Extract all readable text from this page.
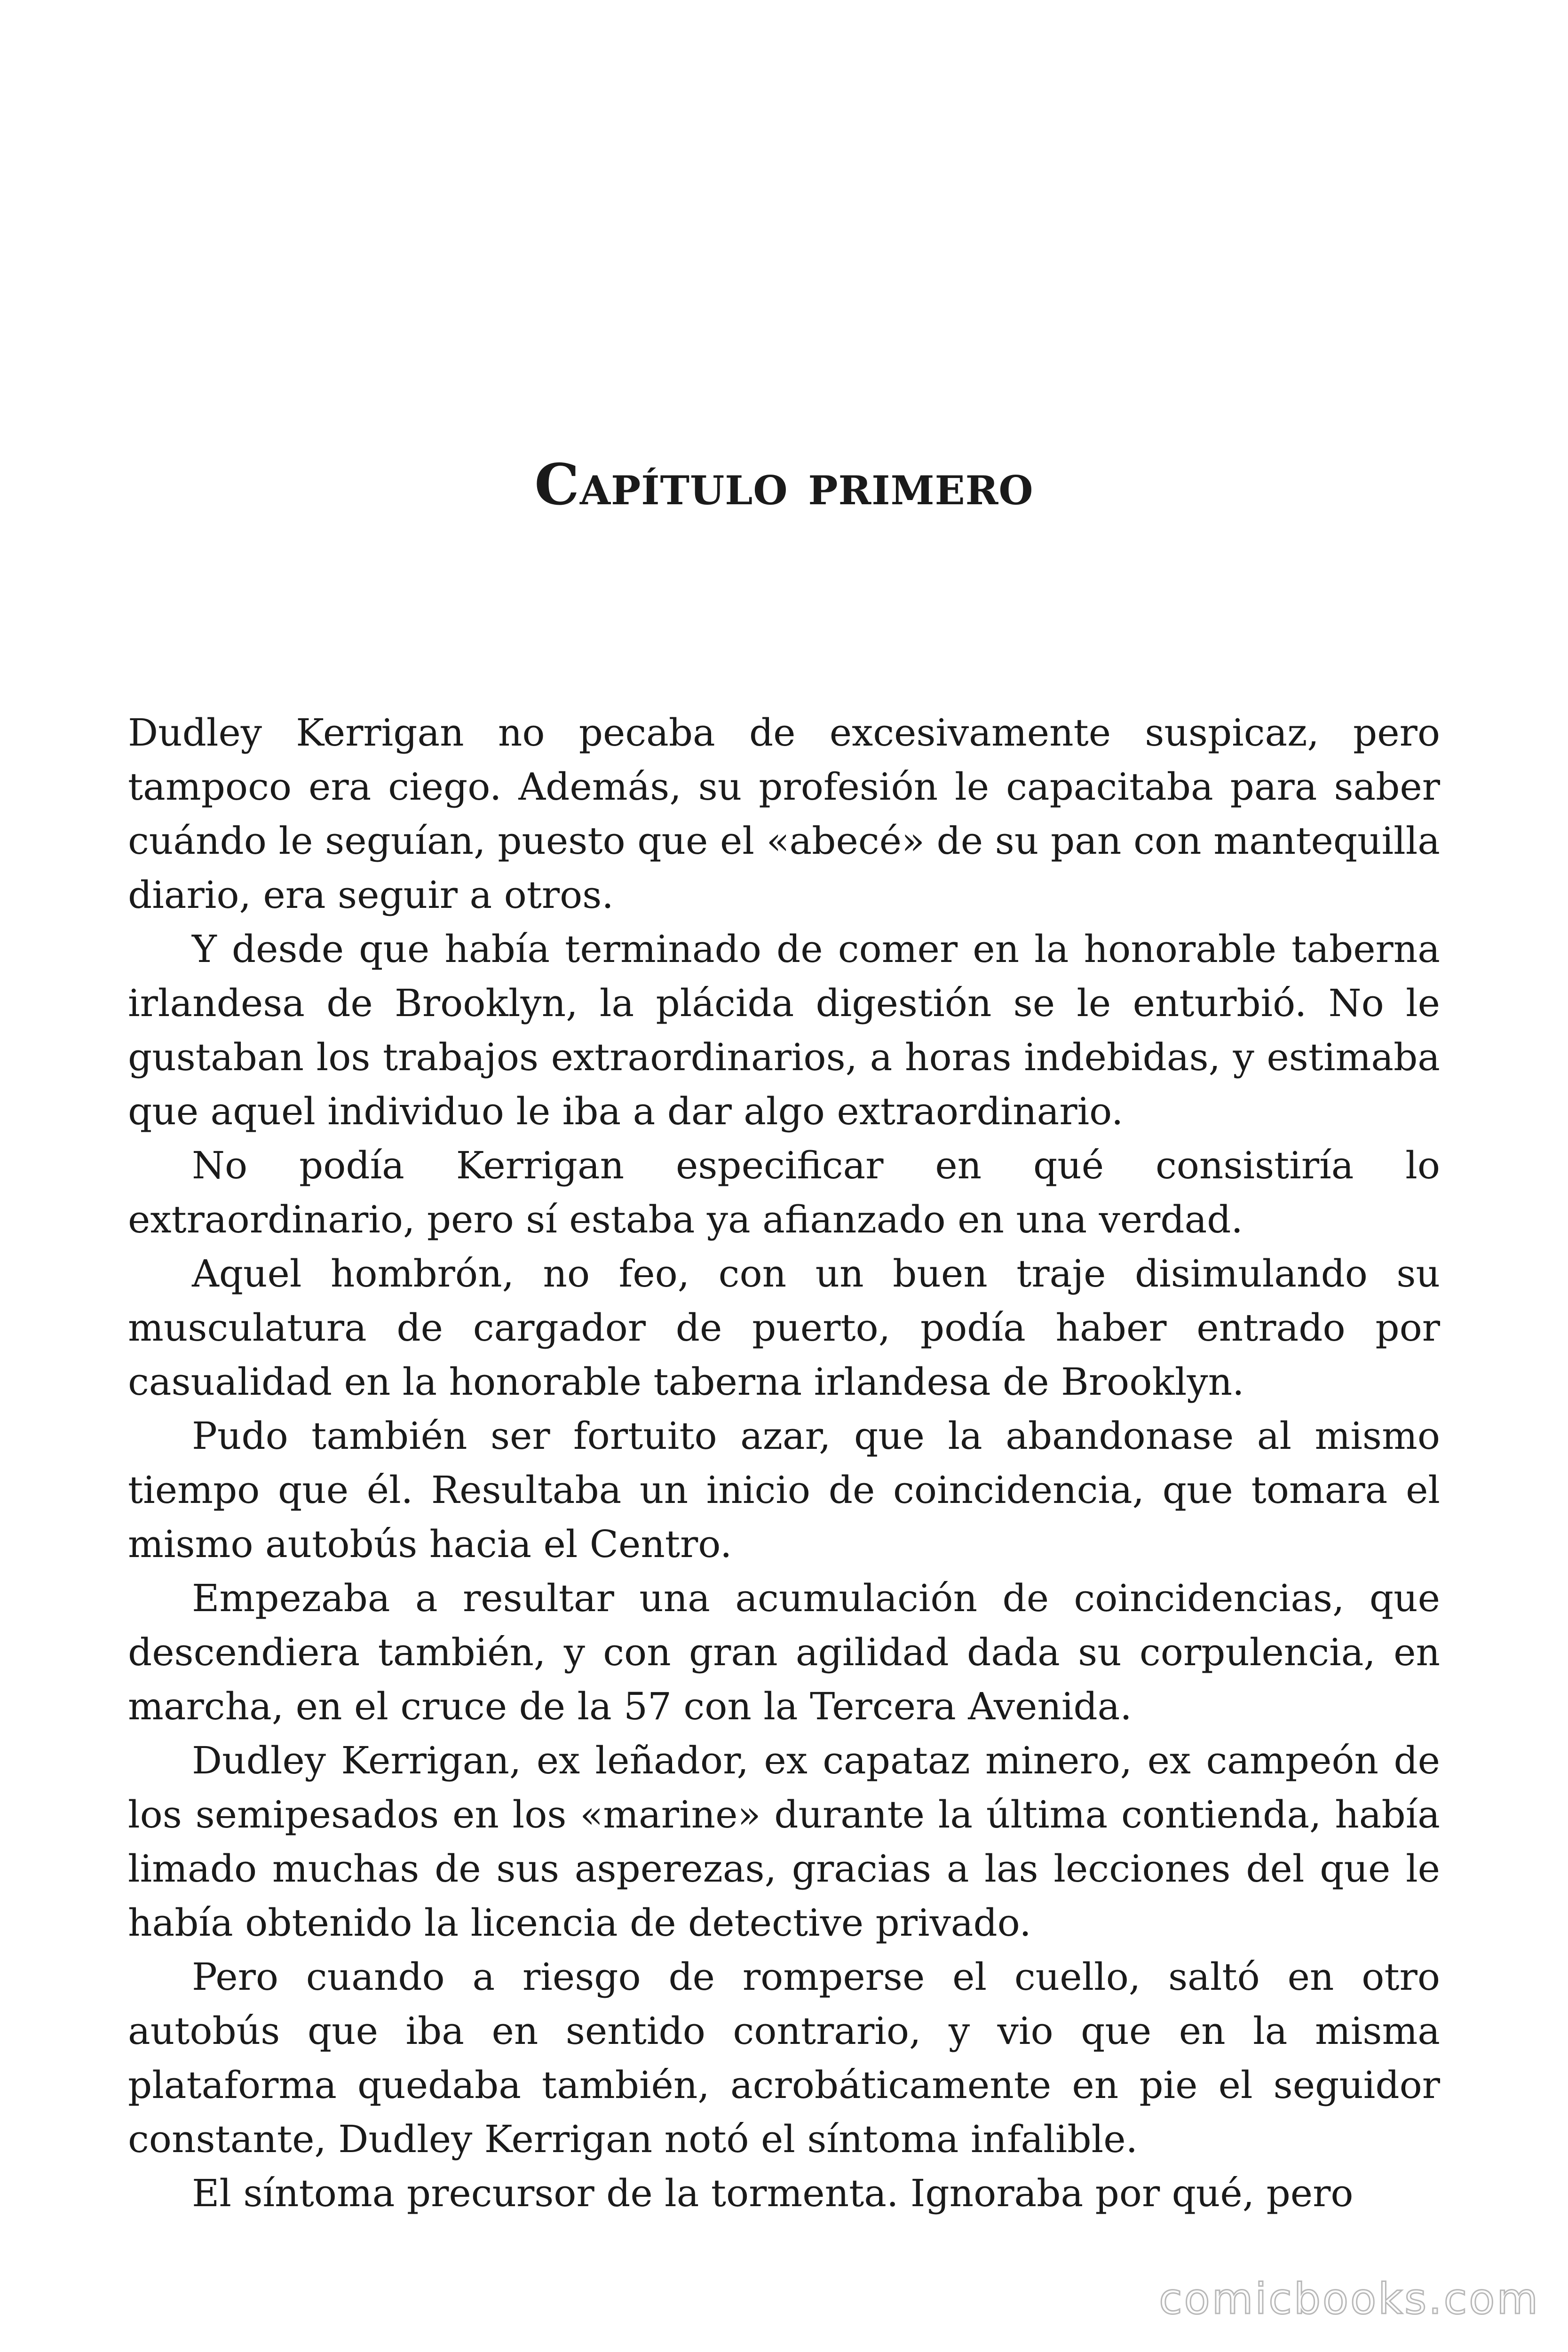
Capítulo primero

Dudley Kerrigan no pecaba de excesivamente suspicaz, pero tampoco era ciego. Además, su profesión le capacitaba para saber cuándo le seguían, puesto que el «abecé» de su pan con mantequilla diario, era seguir a otros.

Y desde que había terminado de comer en la honorable taberna irlandesa de Brooklyn, la plácida digestión se le enturbió. No le gustaban los trabajos extraordinarios, a horas indebidas, y estimaba que aquel individuo le iba a dar algo extraordinario.

No podía Kerrigan especificar en qué consistiría lo extraordinario, pero sí estaba ya afianzado en una verdad.

Aquel hombrón, no feo, con un buen traje disimulando su musculatura de cargador de puerto, podía haber entrado por casualidad en la honorable taberna irlandesa de Brooklyn.

Pudo también ser fortuito azar, que la abandonase al mismo tiempo que él. Resultaba un inicio de coincidencia, que tomara el mismo autobús hacia el Centro.

Empezaba a resultar una acumulación de coincidencias, que descendiera también, y con gran agilidad dada su corpulencia, en marcha, en el cruce de la 57 con la Tercera Avenida.

Dudley Kerrigan, ex leñador, ex capataz minero, ex campeón de los semipesados en los «marine» durante la última contienda, había limado muchas de sus asperezas, gracias a las lecciones del que le había obtenido la licencia de detective privado.

Pero cuando a riesgo de romperse el cuello, saltó en otro autobús que iba en sentido contrario, y vio que en la misma plataforma quedaba también, acrobáticamente en pie el seguidor constante, Dudley Kerrigan notó el síntoma infalible.

El síntoma precursor de la tormenta. Ignoraba por qué, pero

comicbooks.com
